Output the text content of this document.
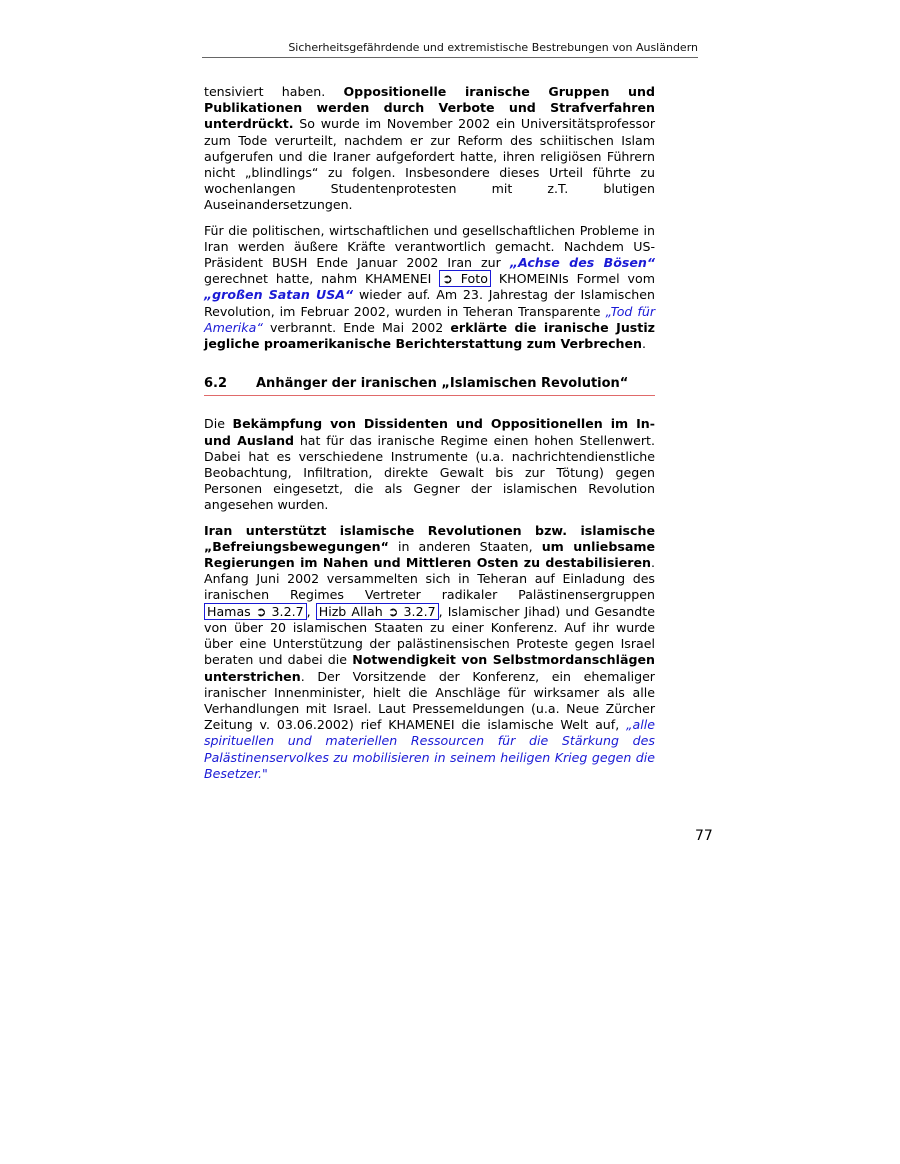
Sicherheitsgefährdende und extremistische Bestrebungen von Ausländern

tensiviert haben. Oppositionelle iranische Gruppen und Publikationen werden durch Verbote und Strafverfahren unterdrückt. So wurde im November 2002 ein Universitätsprofessor zum Tode verurteilt, nachdem er zur Reform des schiitischen Islam aufgerufen und die Iraner aufgefordert hatte, ihren religiösen Führern nicht „blindlings“ zu folgen. Insbesondere dieses Urteil führte zu wochenlangen Studentenprotesten mit z.T. blutigen Auseinandersetzungen.

Für die politischen, wirtschaftlichen und gesellschaftlichen Probleme in Iran werden äußere Kräfte verantwortlich gemacht. Nachdem US-Präsident BUSH Ende Januar 2002 Iran zur „Achse des Bösen“ gerechnet hatte, nahm KHAMENEI ➲ Foto KHOMEINIs Formel vom „großen Satan USA“ wieder auf. Am 23. Jahrestag der Islamischen Revolution, im Februar 2002, wurden in Teheran Transparente „Tod für Amerika“ verbrannt. Ende Mai 2002 erklärte die iranische Justiz jegliche proamerikanische Berichterstattung zum Verbrechen.

6.2	Anhänger der iranischen „Islamischen Revolution“

Die Bekämpfung von Dissidenten und Oppositionellen im In- und Ausland hat für das iranische Regime einen hohen Stellenwert. Dabei hat es verschiedene Instrumente (u.a. nachrichtendienstliche Beobachtung, Infiltration, direkte Gewalt bis zur Tötung) gegen Personen eingesetzt, die als Gegner der islamischen Revolution angesehen wurden.

Iran unterstützt islamische Revolutionen bzw. islamische „Befreiungsbewegungen“ in anderen Staaten, um unliebsame Regierungen im Nahen und Mittleren Osten zu destabilisieren. Anfang Juni 2002 versammelten sich in Teheran auf Einladung des iranischen Regimes Vertreter radikaler Palästinensergruppen Hamas ➲ 3.2.7 , Hizb Allah ➲ 3.2.7 , Islamischer Jihad) und Gesandte von über 20 islamischen Staaten zu einer Konferenz. Auf ihr wurde über eine Unterstützung der palästinensischen Proteste gegen Israel beraten und dabei die Notwendigkeit von Selbstmordanschlägen unterstrichen. Der Vorsitzende der Konferenz, ein ehemaliger iranischer Innenminister, hielt die Anschläge für wirksamer als alle Verhandlungen mit Israel. Laut Pressemeldungen (u.a. Neue Zürcher Zeitung v. 03.06.2002) rief KHAMENEI die islamische Welt auf, „alle spirituellen und materiellen Ressourcen für die Stärkung des Palästinenservolkes zu mobilisieren in seinem heiligen Krieg gegen die Besetzer."

77
